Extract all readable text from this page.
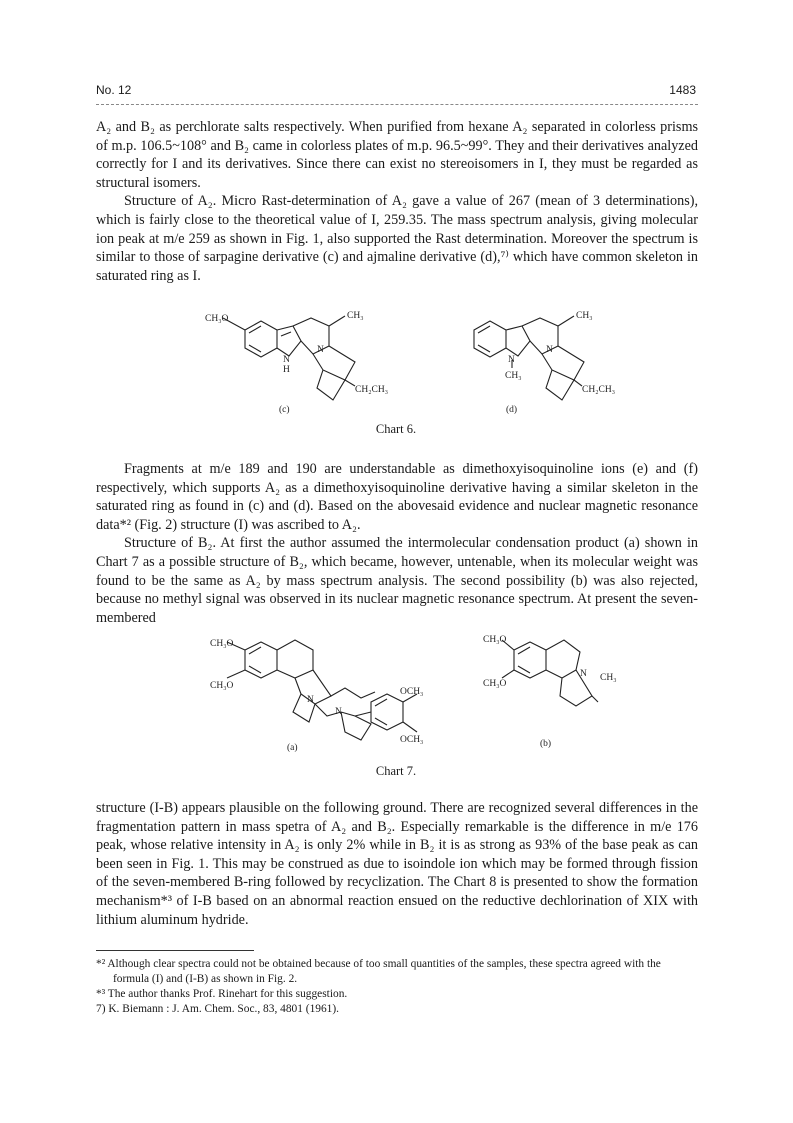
No. 12	1483

A₂ and B₂ as perchlorate salts respectively. When purified from hexane A₂ separated in colorless prisms of m.p. 106.5~108° and B₂ came in colorless plates of m.p. 96.5~99°. They and their derivatives analyzed correctly for I and its derivatives. Since there can exist no stereoisomers in I, they must be regarded as structural isomers.

Structure of A₂. Micro Rast-determination of A₂ gave a value of 267 (mean of 3 determinations), which is fairly close to the theoretical value of I, 259.35. The mass spectrum analysis, giving molecular ion peak at m/e 259 as shown in Fig. 1, also supported the Rast determination. Moreover the spectrum is similar to those of sarpagine derivative (c) and ajmaline derivative (d),⁷⁾ which have common skeleton in saturated ring as I.

CH₃O	CH₃
CH₂CH₃
N
H
N
(c)
CH₃
CH₂CH₃
N
CH₃
N
(d)
Chart 6.

Fragments at m/e 189 and 190 are understandable as dimethoxyisoquinoline ions (e) and (f) respectively, which supports A₂ as a dimethoxyisoquinoline derivative having a similar skeleton in the saturated ring as found in (c) and (d). Based on the abovesaid evidence and nuclear magnetic resonance data*² (Fig. 2) structure (I) was ascribed to A₂.

Structure of B₂. At first the author assumed the intermolecular condensation product (a) shown in Chart 7 as a possible structure of B₂, which became, however, untenable, when its molecular weight was found to be the same as A₂ by mass spectrum analysis. The second possibility (b) was also rejected, because no methyl signal was observed in its nuclear magnetic resonance spectrum. At present the seven-membered

CH₃O
CH₃O
OCH₃
OCH₃
N
N
(a)
CH₃O
CH₃O
CH₃
N
(b)
Chart 7.

structure (I-B) appears plausible on the following ground. There are recognized several differences in the fragmentation pattern in mass spetra of A₂ and B₂. Especially remarkable is the difference in m/e 176 peak, whose relative intensity in A₂ is only 2% while in B₂ it is as strong as 93% of the base peak as can been seen in Fig. 1. This may be construed as due to isoindole ion which may be formed through fission of the seven-membered B-ring followed by recyclization. The Chart 8 is presented to show the formation mechanism*³ of I-B based on an abnormal reaction ensued on the reductive dechlorination of XIX with lithium aluminum hydride.

*² Although clear spectra could not be obtained because of too small quantities of the samples, these spectra agreed with the formula (I) and (I-B) as shown in Fig. 2.

*³ The author thanks Prof. Rinehart for this suggestion.

7) K. Biemann : J. Am. Chem. Soc., 83, 4801 (1961).
